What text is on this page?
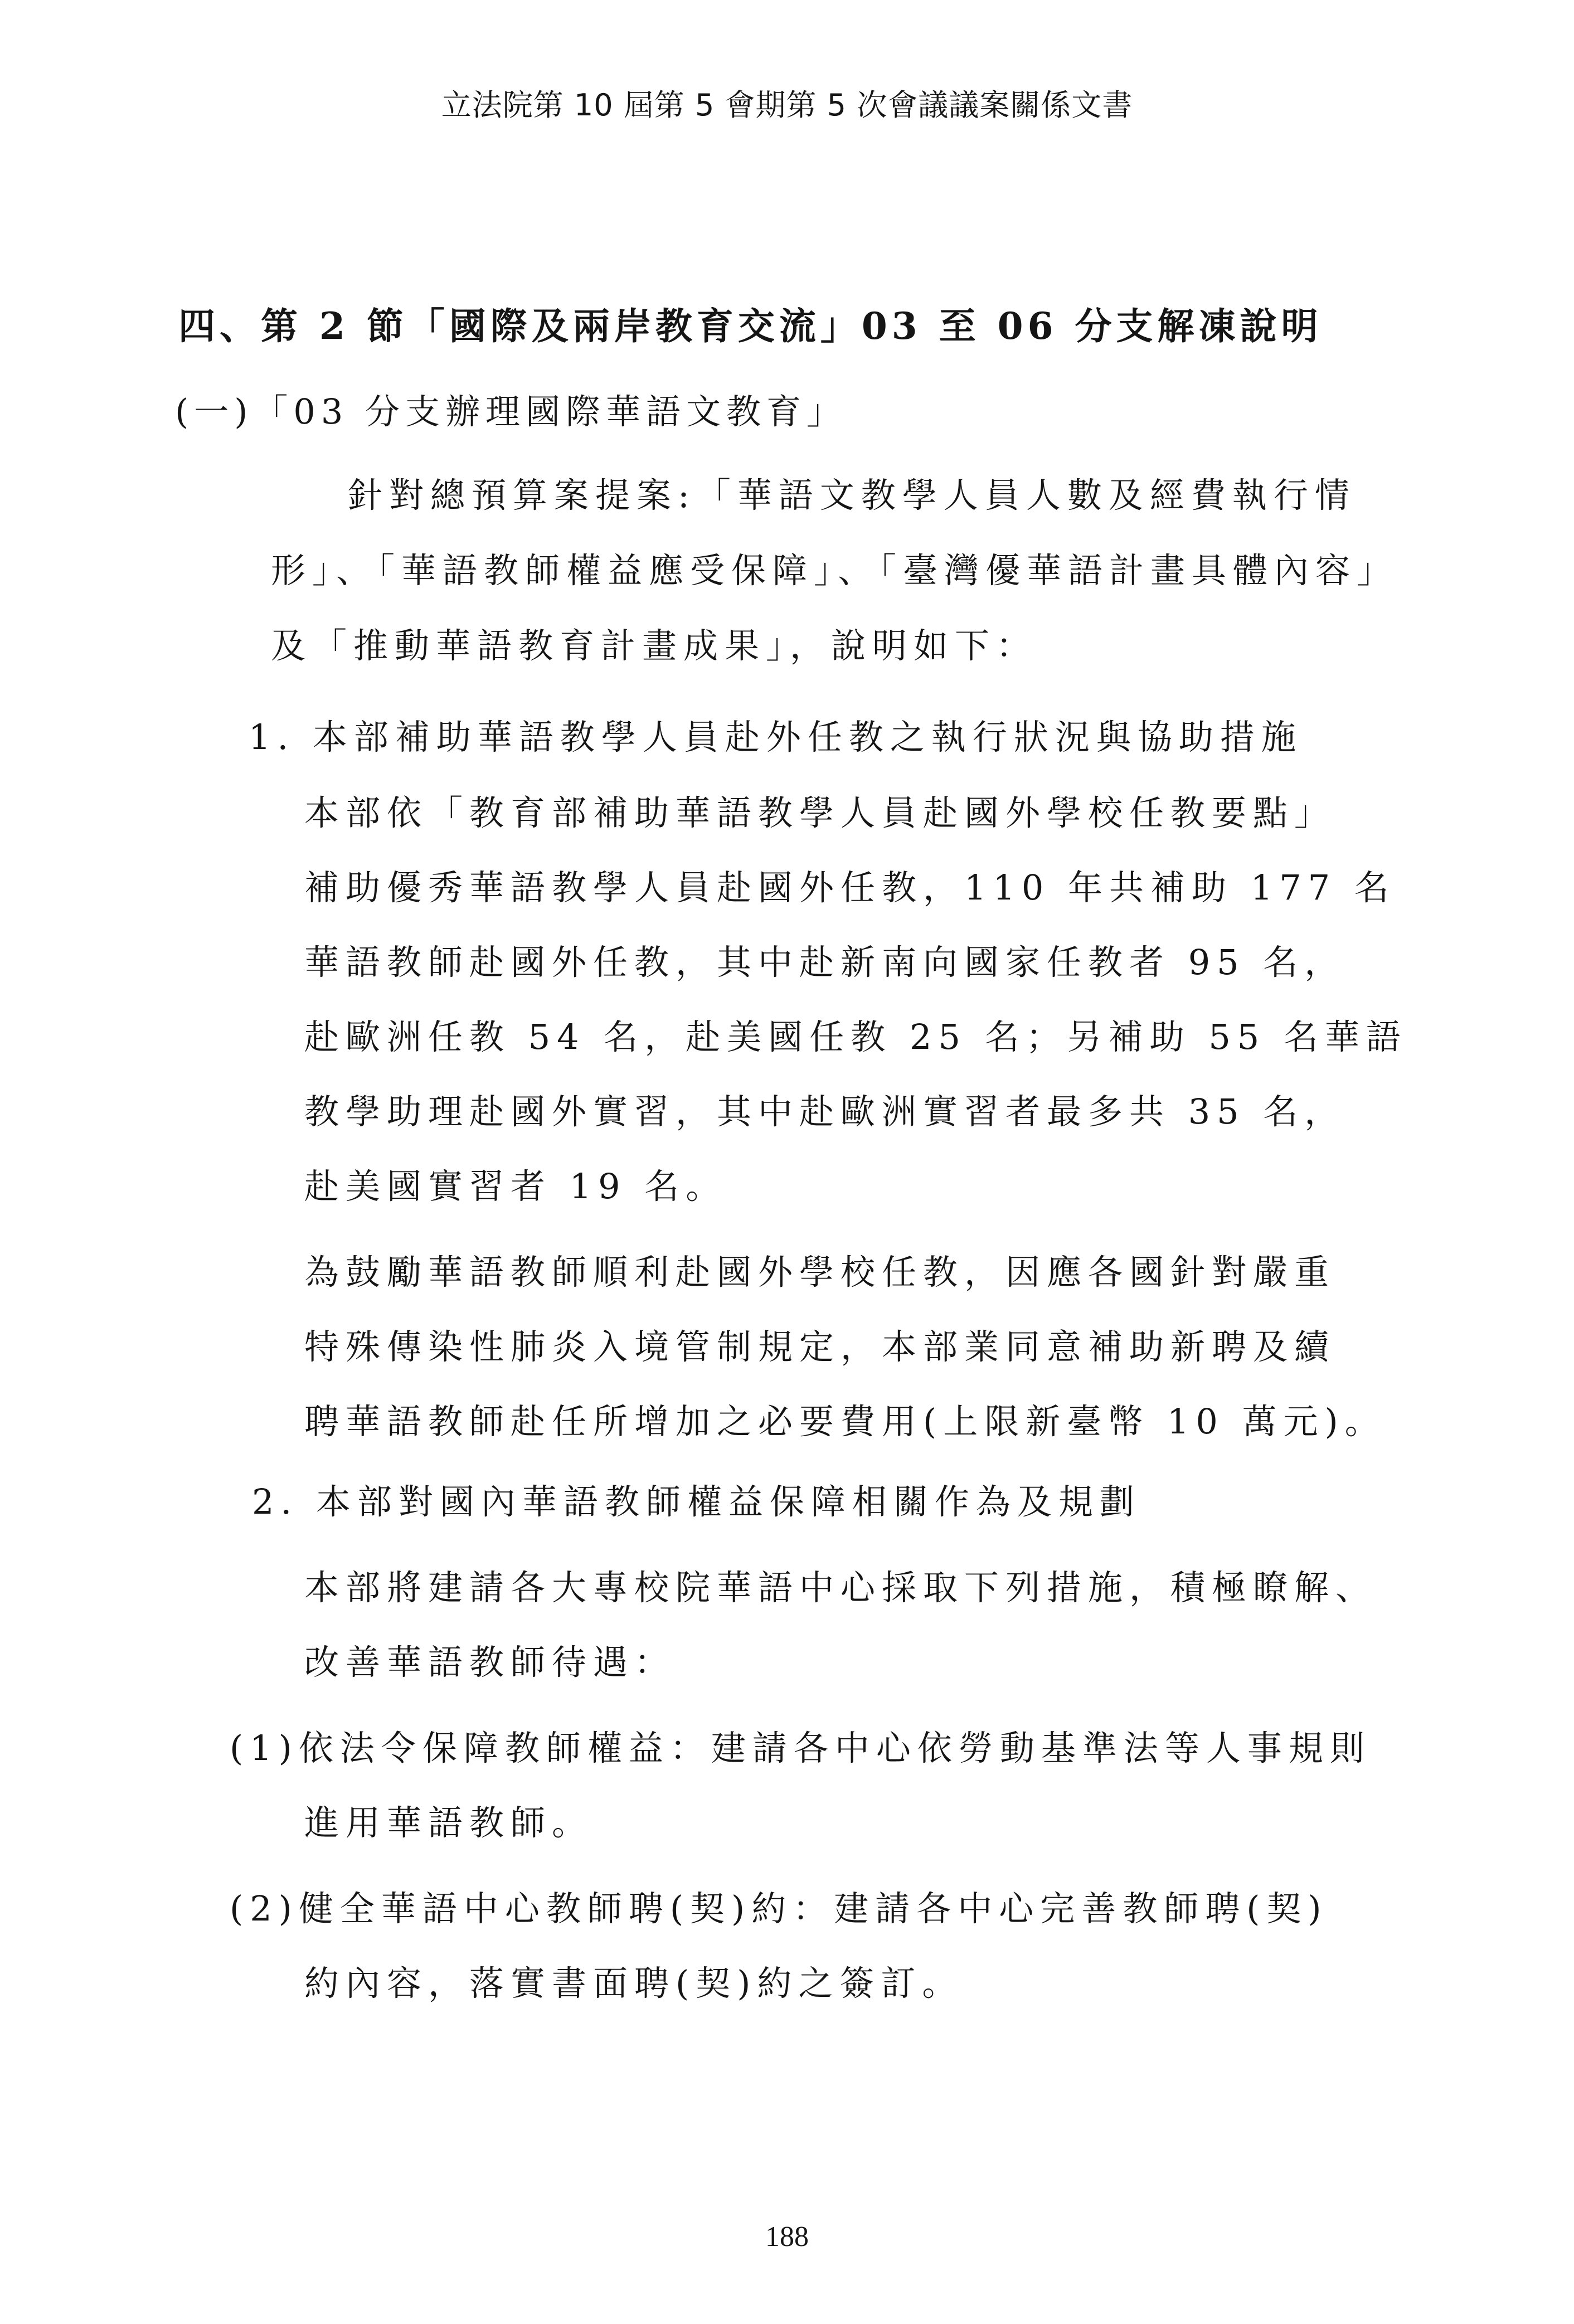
立法院第 10 屆第 5 會期第 5 次會議議案關係文書
四、第 2 節「國際及兩岸教育交流」03 至 06 分支解凍說明
(一)「03 分支辦理國際華語文教育」
針對總預算案提案:「華語文教學人員人數及經費執行情
形」、「華語教師權益應受保障」、「臺灣優華語計畫具體內容」
及「推動華語教育計畫成果」，說明如下：
1. 本部補助華語教學人員赴外任教之執行狀況與協助措施
本部依「教育部補助華語教學人員赴國外學校任教要點」
補助優秀華語教學人員赴國外任教，110 年共補助 177 名
華語教師赴國外任教，其中赴新南向國家任教者 95 名，
赴歐洲任教 54 名，赴美國任教 25 名；另補助 55 名華語
教學助理赴國外實習，其中赴歐洲實習者最多共 35 名，
赴美國實習者 19 名。
為鼓勵華語教師順利赴國外學校任教，因應各國針對嚴重
特殊傳染性肺炎入境管制規定，本部業同意補助新聘及續
聘華語教師赴任所增加之必要費用(上限新臺幣 10 萬元)。
2. 本部對國內華語教師權益保障相關作為及規劃
本部將建請各大專校院華語中心採取下列措施，積極瞭解、
改善華語教師待遇：
(1)依法令保障教師權益：建請各中心依勞動基準法等人事規則
進用華語教師。
(2)健全華語中心教師聘(契)約：建請各中心完善教師聘(契)
約內容，落實書面聘(契)約之簽訂。
188
